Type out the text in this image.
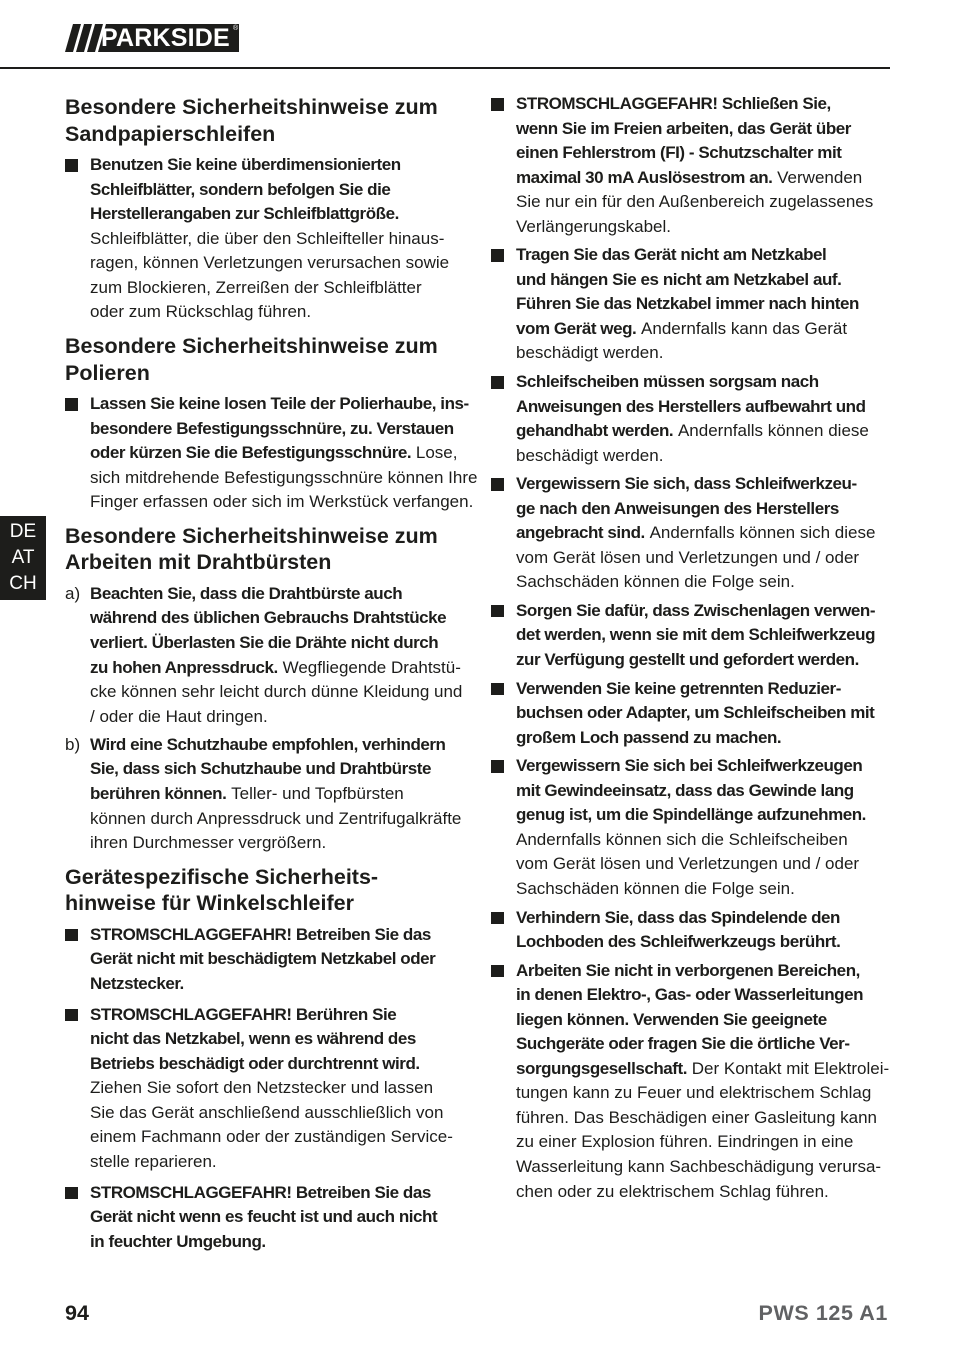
PARKSIDE ®
DE
AT
CH
Besondere Sicherheitshinweise zum
Sandpapierschleifen
Benutzen Sie keine überdimensionierten
Schleifblätter, sondern befolgen Sie die
Herstellerangaben zur Schleifblattgröße.
Schleifblätter, die über den Schleifteller hinaus-
ragen, können Verletzungen verursachen sowie
zum Blockieren, Zerreißen der Schleifblätter
oder zum Rückschlag führen.
Besondere Sicherheitshinweise zum
Polieren
Lassen Sie keine losen Teile der Polierhaube, ins-
besondere Befestigungsschnüre, zu. Verstauen
oder kürzen Sie die Befestigungsschnüre. Lose,
sich mitdrehende Befestigungsschnüre können Ihre
Finger erfassen oder sich im Werkstück verfangen.
Besondere Sicherheitshinweise zum
Arbeiten mit Drahtbürsten
a) Beachten Sie, dass die Drahtbürste auch
während des üblichen Gebrauchs Drahtstücke
verliert. Überlasten Sie die Drähte nicht durch
zu hohen Anpressdruck. Wegfliegende Drahtstü-
cke können sehr leicht durch dünne Kleidung und
/ oder die Haut dringen.
b) Wird eine Schutzhaube empfohlen, verhindern
Sie, dass sich Schutzhaube und Drahtbürste
berühren können. Teller- und Topfbürsten
können durch Anpressdruck und Zentrifugalkräfte
ihren Durchmesser vergrößern.
Gerätespezifische Sicherheits-
hinweise für Winkelschleifer
STROMSCHLAGGEFAHR! Betreiben Sie das
Gerät nicht mit beschädigtem Netzkabel oder
Netzstecker.
STROMSCHLAGGEFAHR! Berühren Sie
nicht das Netzkabel, wenn es während des
Betriebs beschädigt oder durchtrennt wird.
Ziehen Sie sofort den Netzstecker und lassen
Sie das Gerät anschließend ausschließlich von
einem Fachmann oder der zuständigen Service-
stelle reparieren.
STROMSCHLAGGEFAHR! Betreiben Sie das
Gerät nicht wenn es feucht ist und auch nicht
in feuchter Umgebung.
STROMSCHLAGGEFAHR! Schließen Sie,
wenn Sie im Freien arbeiten, das Gerät über
einen Fehlerstrom (FI) - Schutzschalter mit
maximal 30 mA Auslösestrom an. Verwenden
Sie nur ein für den Außenbereich zugelassenes
Verlängerungskabel.
Tragen Sie das Gerät nicht am Netzkabel
und hängen Sie es nicht am Netzkabel auf.
Führen Sie das Netzkabel immer nach hinten
vom Gerät weg. Andernfalls kann das Gerät
beschädigt werden.
Schleifscheiben müssen sorgsam nach
Anweisungen des Herstellers aufbewahrt und
gehandhabt werden. Andernfalls können diese
beschädigt werden.
Vergewissern Sie sich, dass Schleifwerkzeu-
ge nach den Anweisungen des Herstellers
angebracht sind. Andernfalls können sich diese
vom Gerät lösen und Verletzungen und / oder
Sachschäden können die Folge sein.
Sorgen Sie dafür, dass Zwischenlagen verwen-
det werden, wenn sie mit dem Schleifwerkzeug
zur Verfügung gestellt und gefordert werden.
Verwenden Sie keine getrennten Reduzier-
buchsen oder Adapter, um Schleifscheiben mit
großem Loch passend zu machen.
Vergewissern Sie sich bei Schleifwerkzeugen
mit Gewindeeinsatz, dass das Gewinde lang
genug ist, um die Spindellänge aufzunehmen.
Andernfalls können sich die Schleifscheiben
vom Gerät lösen und Verletzungen und / oder
Sachschäden können die Folge sein.
Verhindern Sie, dass das Spindelende den
Lochboden des Schleifwerkzeugs berührt.
Arbeiten Sie nicht in verborgenen Bereichen,
in denen Elektro-, Gas- oder Wasserleitungen
liegen können. Verwenden Sie geeignete
Suchgeräte oder fragen Sie die örtliche Ver-
sorgungsgesellschaft. Der Kontakt mit Elektrolei-
tungen kann zu Feuer und elektrischem Schlag
führen. Das Beschädigen einer Gasleitung kann
zu einer Explosion führen. Eindringen in eine
Wasserleitung kann Sachbeschädigung verursa-
chen oder zu elektrischem Schlag führen.
94	PWS 125 A1
